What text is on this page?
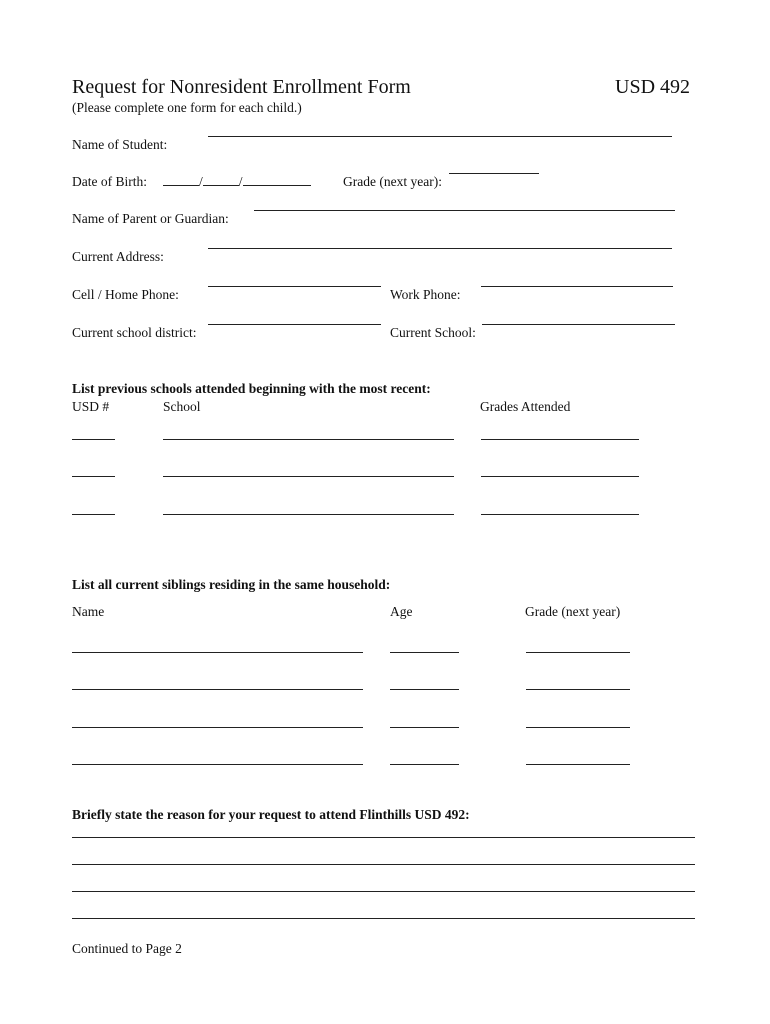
Request for Nonresident Enrollment Form	USD 492
(Please complete one form for each child.)
Name of Student:
Date of Birth:	/	/	Grade (next year):
Name of Parent or Guardian:
Current Address:
Cell / Home Phone:	Work Phone:
Current school district:	Current School:
List previous schools attended beginning with the most recent:
USD #	School	Grades Attended
List all current siblings residing in the same household:
Name	Age	Grade (next year)
Briefly state the reason for your request to attend Flinthills USD 492:
Continued to Page 2
